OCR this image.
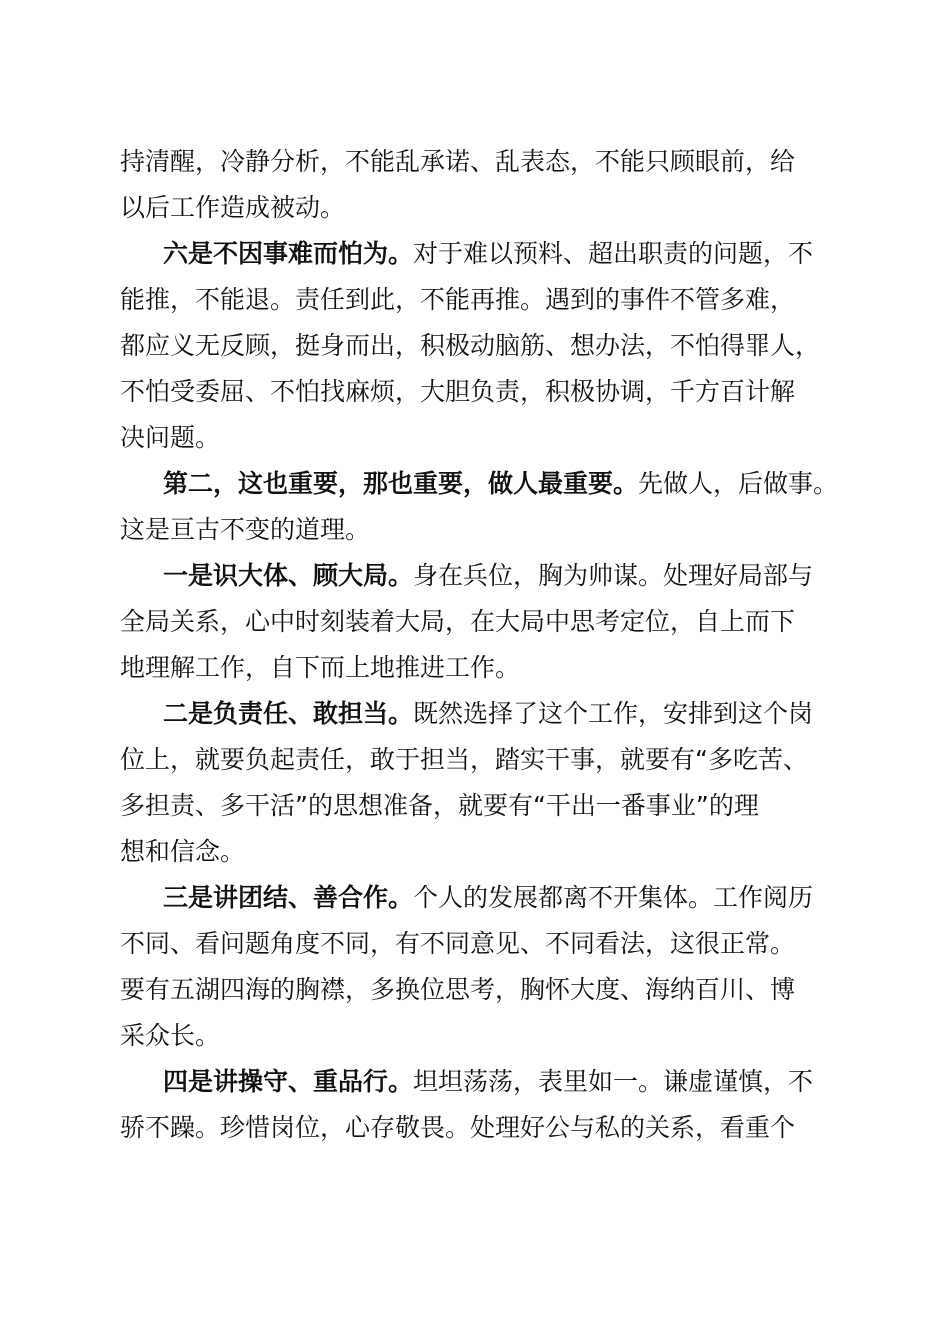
持清醒，冷静分析，不能乱承诺、乱表态，不能只顾眼前，给
以后工作造成被动。
六是不因事难而怕为。对于难以预料、超出职责的问题，不
能推，不能退。责任到此，不能再推。遇到的事件不管多难，
都应义无反顾，挺身而出，积极动脑筋、想办法，不怕得罪人，
不怕受委屈、不怕找麻烦，大胆负责，积极协调，千方百计解
决问题。
第二，这也重要，那也重要，做人最重要。先做人，后做事。
这是亘古不变的道理。
一是识大体、顾大局。身在兵位，胸为帅谋。处理好局部与
全局关系，心中时刻装着大局，在大局中思考定位，自上而下
地理解工作，自下而上地推进工作。
二是负责任、敢担当。既然选择了这个工作，安排到这个岗
位上，就要负起责任，敢于担当，踏实干事，就要有“多吃苦、
多担责、多干活”的思想准备，就要有“干出一番事业”的理
想和信念。
三是讲团结、善合作。个人的发展都离不开集体。工作阅历
不同、看问题角度不同，有不同意见、不同看法，这很正常。
要有五湖四海的胸襟，多换位思考，胸怀大度、海纳百川、博
采众长。
四是讲操守、重品行。坦坦荡荡，表里如一。谦虚谨慎，不
骄不躁。珍惜岗位，心存敬畏。处理好公与私的关系，看重个
